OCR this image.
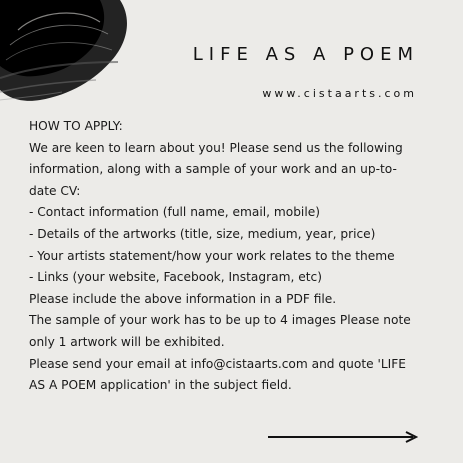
LIFE AS A POEM
www.cistaarts.com
HOW TO APPLY:
We are keen to learn about you! Please send us the following
information, along with a sample of your work and an up-to-
date CV:
- Contact information (full name, email, mobile)
- Details of the artworks (title, size, medium, year, price)
- Your artists statement/how your work relates to the theme
- Links (your website, Facebook, Instagram, etc)
Please include the above information in a PDF file.
The sample of your work has to be up to 4 images Please note
only 1 artwork will be exhibited.
Please send your email at info@cistaarts.com and quote 'LIFE
AS A POEM application' in the subject field.
